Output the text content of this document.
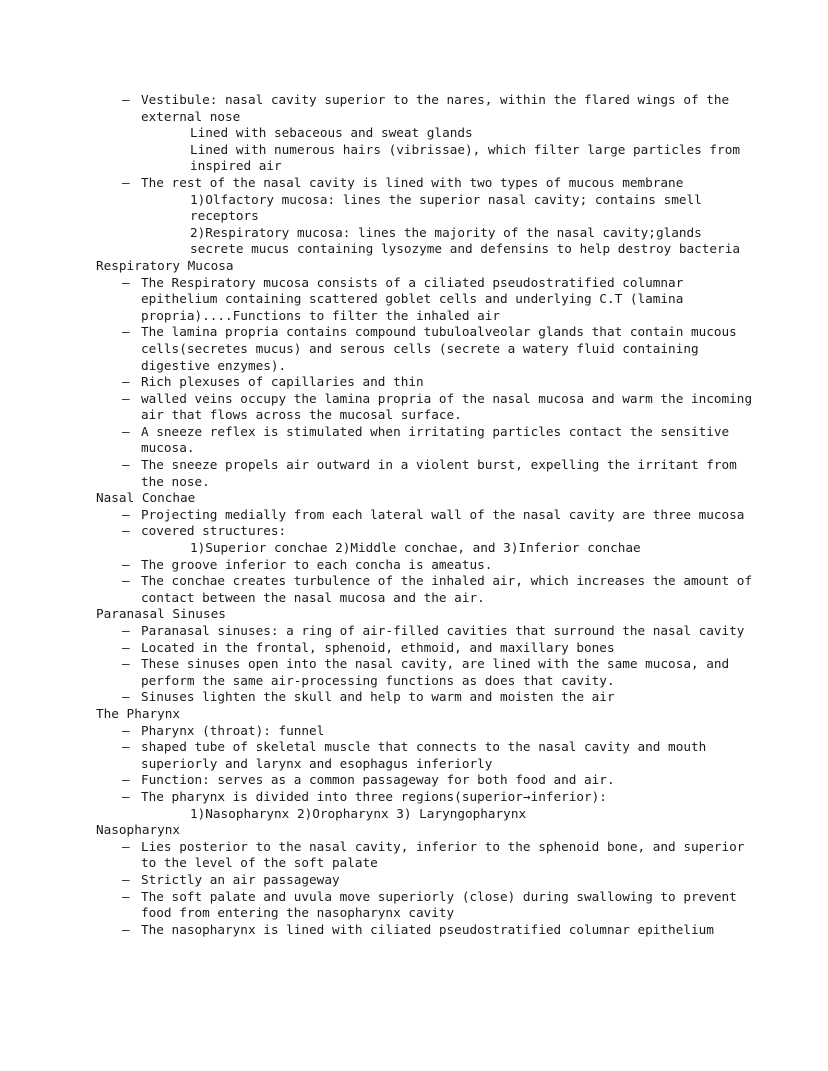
– Vestibule: nasal cavity superior to the nares, within the flared wings of the external nose
Lined with sebaceous and sweat glands
Lined with numerous hairs (vibrissae), which filter large particles from inspired air
– The rest of the nasal cavity is lined with two types of mucous membrane
1)Olfactory mucosa: lines the superior nasal cavity; contains smell receptors
2)Respiratory mucosa: lines the majority of the nasal cavity;glands secrete mucus containing lysozyme and defensins to help destroy bacteria
Respiratory Mucosa
– The Respiratory mucosa consists of a ciliated pseudostratified columnar epithelium containing scattered goblet cells and underlying C.T (lamina propria)....Functions to filter the inhaled air
– The lamina propria contains compound tubuloalveolar glands that contain mucous cells(secretes mucus) and serous cells (secrete a watery fluid containing digestive enzymes).
– Rich plexuses of capillaries and thin
– walled veins occupy the lamina propria of the nasal mucosa and warm the incoming air that flows across the mucosal surface.
– A sneeze reflex is stimulated when irritating particles contact the sensitive mucosa.
– The sneeze propels air outward in a violent burst, expelling the irritant from the nose.
Nasal Conchae
– Projecting medially from each lateral wall of the nasal cavity are three mucosa
– covered structures:
1)Superior conchae 2)Middle conchae, and 3)Inferior conchae
– The groove inferior to each concha is ameatus.
– The conchae creates turbulence of the inhaled air, which increases the amount of contact between the nasal mucosa and the air.
Paranasal Sinuses
– Paranasal sinuses: a ring of air-filled cavities that surround the nasal cavity
– Located in the frontal, sphenoid, ethmoid, and maxillary bones
– These sinuses open into the nasal cavity, are lined with the same mucosa, and perform the same air-processing functions as does that cavity.
– Sinuses lighten the skull and help to warm and moisten the air
The Pharynx
– Pharynx (throat): funnel
– shaped tube of skeletal muscle that connects to the nasal cavity and mouth superiorly and larynx and esophagus inferiorly
– Function: serves as a common passageway for both food and air.
– The pharynx is divided into three regions(superior→inferior):
1)Nasopharynx 2)Oropharynx 3) Laryngopharynx
Nasopharynx
– Lies posterior to the nasal cavity, inferior to the sphenoid bone, and superior to the level of the soft palate
– Strictly an air passageway
– The soft palate and uvula move superiorly (close) during swallowing to prevent food from entering the nasopharynx cavity
– The nasopharynx is lined with ciliated pseudostratified columnar epithelium
